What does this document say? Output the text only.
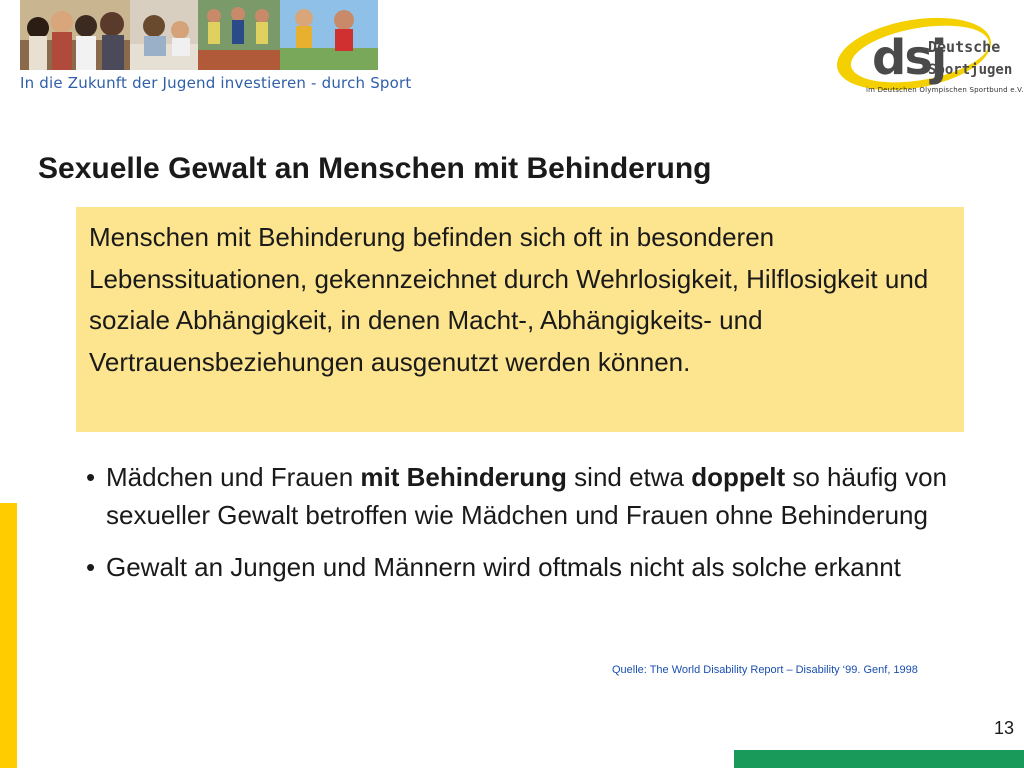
In die Zukunft der Jugend investieren - durch Sport	dsj
Deutsche
Sportjugend
im Deutschen Olympischen Sportbund e.V.
Sexuelle Gewalt an Menschen mit Behinderung
Menschen mit Behinderung befinden sich oft in besonderen Lebenssituationen, gekennzeichnet durch Wehrlosigkeit, Hilflosigkeit und soziale Abhängigkeit, in denen Macht-, Abhängigkeits- und Vertrauensbeziehungen ausgenutzt werden können.
• Mädchen und Frauen mit Behinderung sind etwa doppelt so häufig von sexueller Gewalt betroffen wie Mädchen und Frauen ohne Behinderung
• Gewalt an Jungen und Männern wird oftmals nicht als solche erkannt
Quelle: The World Disability Report – Disability ‘99. Genf, 1998
13
